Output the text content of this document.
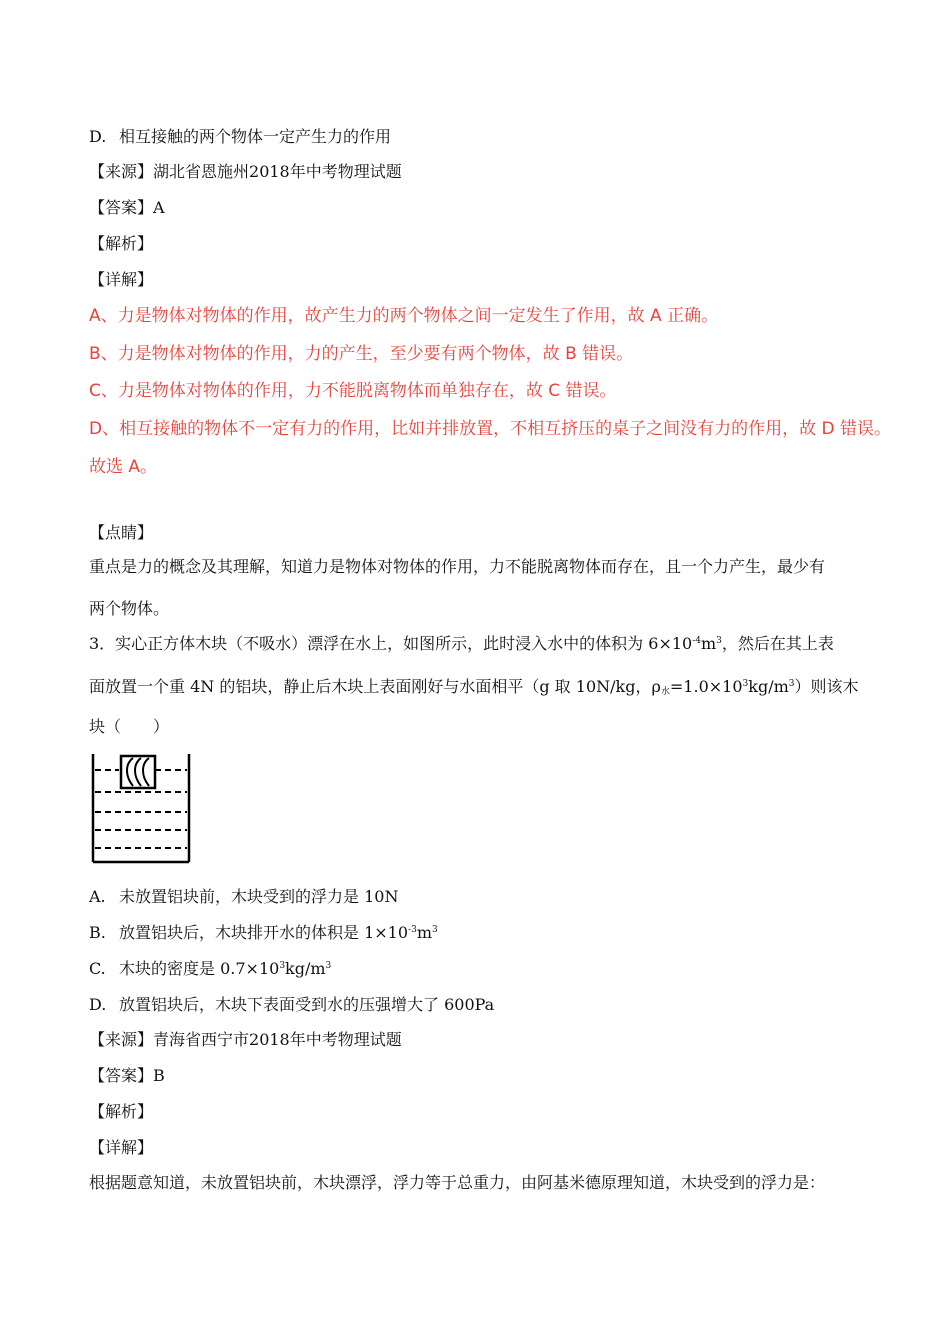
D. 相互接触的两个物体一定产生力的作用
【来源】湖北省恩施州2018年中考物理试题
【答案】A
【解析】
【详解】
A、力是物体对物体的作用，故产生力的两个物体之间一定发生了作用，故 A 正确。
B、力是物体对物体的作用，力的产生，至少要有两个物体，故 B 错误。
C、力是物体对物体的作用，力不能脱离物体而单独存在，故 C 错误。
D、相互接触的物体不一定有力的作用，比如并排放置，不相互挤压的桌子之间没有力的作用，故 D 错误。
故选 A。
【点睛】
重点是力的概念及其理解，知道力是物体对物体的作用，力不能脱离物体而存在，且一个力产生，最少有
两个物体。
3．实心正方体木块（不吸水）漂浮在水上，如图所示，此时浸入水中的体积为 $6\times 10^{-4}m^3$，然后在其上表
面放置一个重 4N 的铝块，静止后木块上表面刚好与水面相平（g 取 10N/kg，$\rho_水=1.0\times 10^3kg/m^3$）则该木
块（　　）
A. 未放置铝块前，木块受到的浮力是 10N
B. 放置铝块后，木块排开水的体积是 $1\times 10^{-3}m^3$
C. 木块的密度是 $0.7\times 10^3kg/m^3$
D. 放置铝块后，木块下表面受到水的压强增大了 600Pa
【来源】青海省西宁市2018年中考物理试题
【答案】B
【解析】
【详解】
根据题意知道，未放置铝块前，木块漂浮，浮力等于总重力，由阿基米德原理知道，木块受到的浮力是：
